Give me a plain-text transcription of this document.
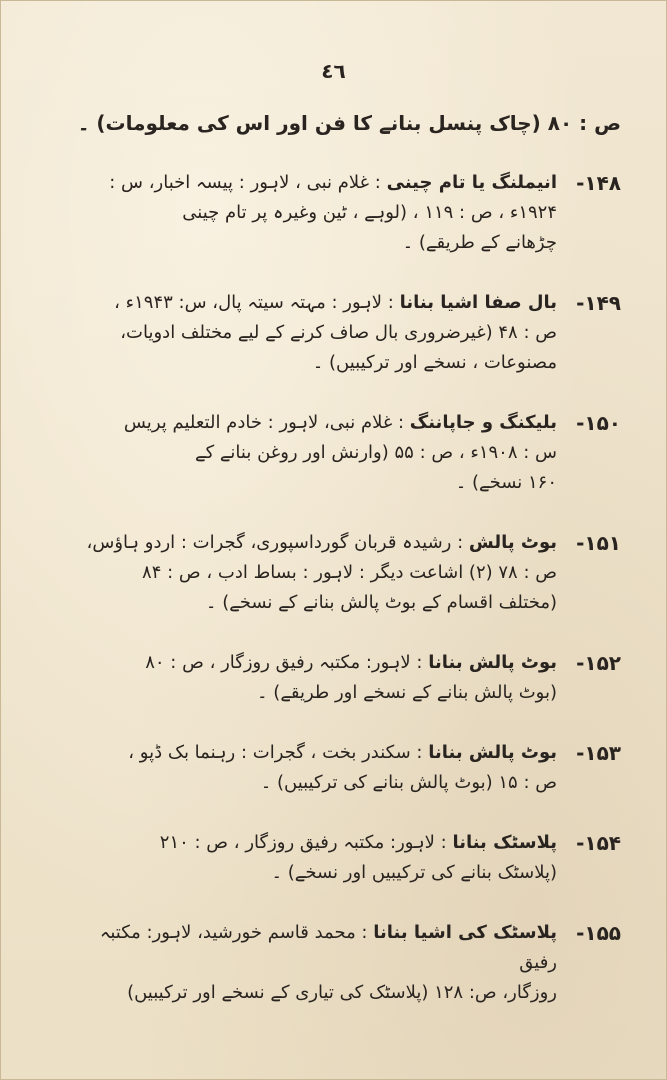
٤٦
ص : ۸۰ (چاک پنسل بنانے کا فن اور اس کی معلومات) ۔
۱۴۸-
انیملنگ یا تام چینی : غلام نبی ، لاہور : پیسہ اخبار، س :
۱۹۲۴ء ، ص : ۱۱۹ ، (لوہے ، ٹین وغیرہ پر تام چینی
چڑھانے کے طریقے) ۔
۱۴۹-
بال صفا اشیا بنانا : لاہور : مہتہ سیتہ پال، س: ۱۹۴۳ء ،
ص : ۴۸ (غیرضروری بال صاف کرنے کے لیے مختلف ادویات،
مصنوعات ، نسخے اور ترکیبیں) ۔
۱۵۰-
بلیکنگ و جاپاننگ : غلام نبی، لاہور : خادم التعلیم پریس
س : ۱۹۰۸ء ، ص : ۵۵ (وارنش اور روغن بنانے کے
۱۶۰ نسخے) ۔
۱۵۱-
بوٹ پالش : رشیدہ قربان گورداسپوری، گجرات : اردو ہاؤس،
ص : ۷۸ (۲) اشاعت دیگر : لاہور : بساط ادب ، ص : ۸۴
(مختلف اقسام کے بوٹ پالش بنانے کے نسخے) ۔
۱۵۲-
بوٹ پالش بنانا : لاہور: مکتبہ رفیق روزگار ، ص : ۸۰
(بوٹ پالش بنانے کے نسخے اور طریقے) ۔
۱۵۳-
بوٹ پالش بنانا : سکندر بخت ، گجرات : رہنما بک ڈپو ،
ص : ۱۵ (بوٹ پالش بنانے کی ترکیبیں) ۔
۱۵۴-
پلاسٹک بنانا : لاہور: مکتبہ رفیق روزگار ، ص : ۲۱۰
(پلاسٹک بنانے کی ترکیبیں اور نسخے) ۔
۱۵۵-
پلاسٹک کی اشیا بنانا : محمد قاسم خورشید، لاہور: مکتبہ رفیق
روزگار، ص: ۱۲۸ (پلاسٹک کی تیاری کے نسخے اور ترکیبیں)
